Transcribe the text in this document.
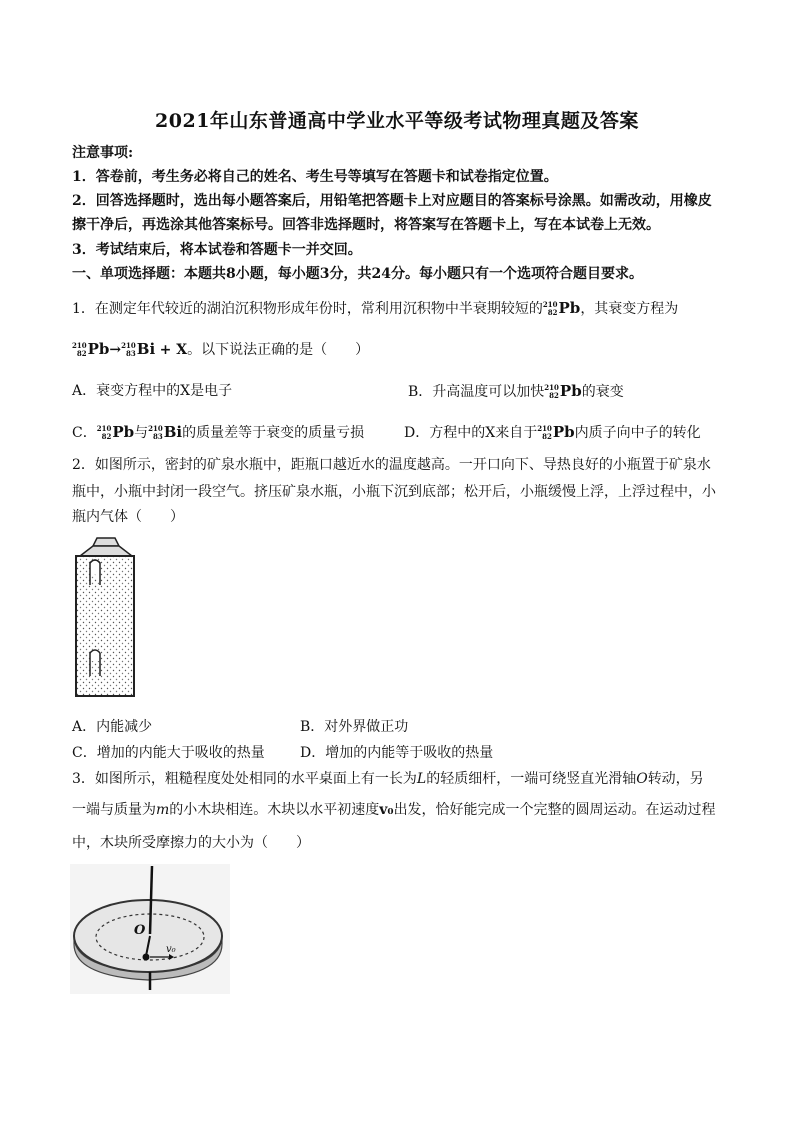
2021年山东普通高中学业水平等级考试物理真题及答案
注意事项:
1．答卷前，考生务必将自己的姓名、考生号等填写在答题卡和试卷指定位置。
2．回答选择题时，选出每小题答案后，用铅笔把答题卡上对应题目的答案标号涂黑。如需改动，用橡皮
擦干净后，再选涂其他答案标号。回答非选择题时，将答案写在答题卡上，写在本试卷上无效。
3．考试结束后，将本试卷和答题卡一并交回。
一、单项选择题：本题共8小题，每小题3分，共24分。每小题只有一个选项符合题目要求。
1．在测定年代较近的湖泊沉积物形成年份时，常利用沉积物中半衰期较短的 210
82 Pb，其衰变方程为
210
82 Pb→ 210
83 Bi + X。以下说法正确的是（　　）
A．衰变方程中的X是电子	B．升高温度可以加快 210
82 Pb的衰变
C． 210
82 Pb与 210
83 Bi的质量差等于衰变的质量亏损	D．方程中的X来自于 210
82 Pb内质子向中子的转化
2．如图所示，密封的矿泉水瓶中，距瓶口越近水的温度越高。一开口向下、导热良好的小瓶置于矿泉水
瓶中，小瓶中封闭一段空气。挤压矿泉水瓶，小瓶下沉到底部；松开后，小瓶缓慢上浮，上浮过程中，小
瓶内气体（　　）
A．内能减少	B．对外界做正功
C．增加的内能大于吸收的热量	D．增加的内能等于吸收的热量
3．如图所示，粗糙程度处处相同的水平桌面上有一长为L的轻质细杆，一端可绕竖直光滑轴O转动，另
一端与质量为m的小木块相连。木块以水平初速度v₀出发，恰好能完成一个完整的圆周运动。在运动过程
中，木块所受摩擦力的大小为（　　）
O
v₀
